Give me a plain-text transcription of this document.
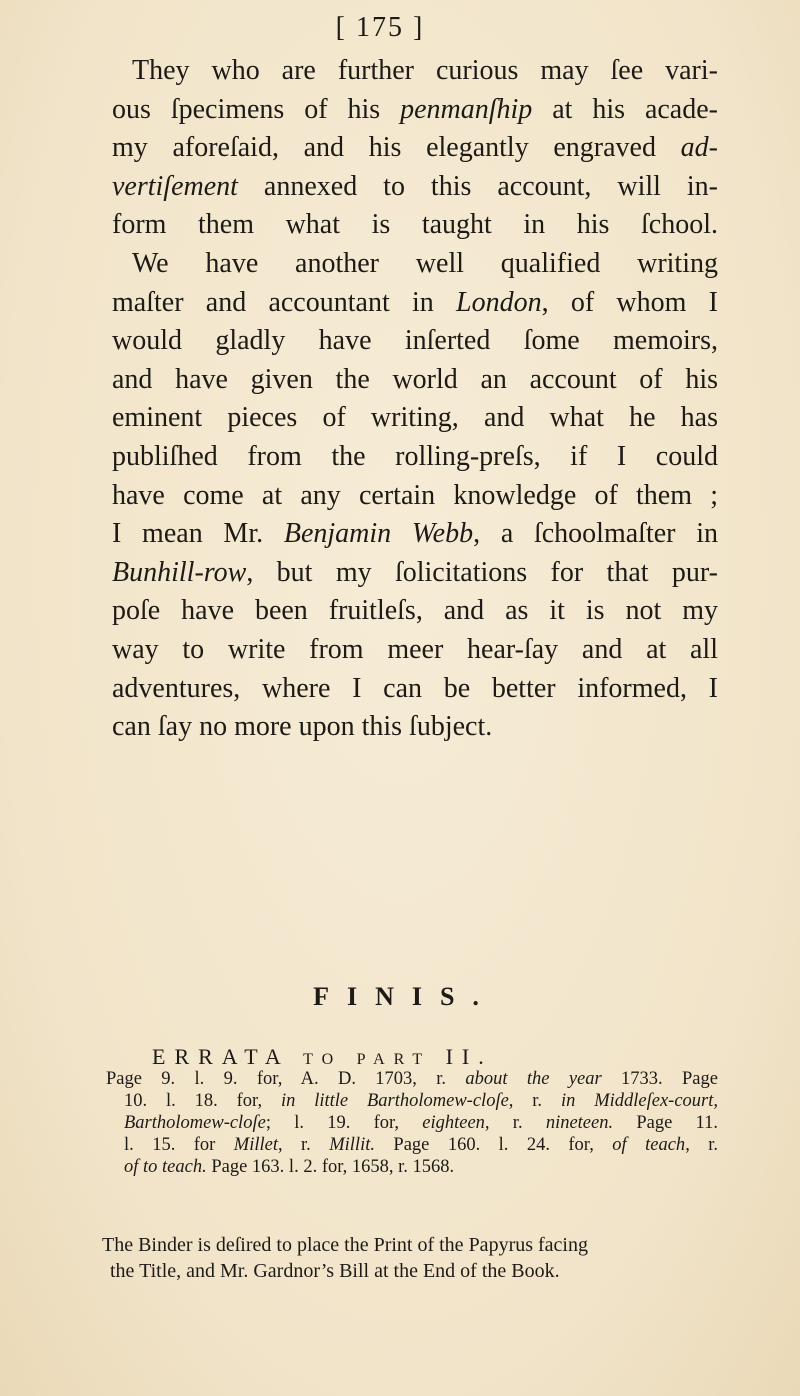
[ 175 ]
They who are further curious may ſee vari-
ous ſpecimens of his penmanſhip at his acade-
my aforeſaid, and his elegantly engraved ad-
vertiſement annexed to this account, will in-
form them what is taught in his ſchool.
We have another well qualified writing
maſter and accountant in London, of whom I
would gladly have inſerted ſome memoirs,
and have given the world an account of his
eminent pieces of writing, and what he has
publiſhed from the rolling-preſs, if I could
have come at any certain knowledge of them ;
I mean Mr. Benjamin Webb, a ſchoolmaſter in
Bunhill-row, but my ſolicitations for that pur-
poſe have been fruitleſs, and as it is not my
way to write from meer hear-ſay and at all
adventures, where I can be better informed, I
can ſay no more upon this ſubject.
FINIS.
ERRATA TO PART II.
Page 9. l. 9. for, A. D. 1703, r. about the year 1733. Page
10. l. 18. for, in little Bartholomew-cloſe, r. in Middleſex-court,
Bartholomew-cloſe; l. 19. for, eighteen, r. nineteen. Page 11.
l. 15. for Millet, r. Millit. Page 160. l. 24. for, of teach, r.
of to teach. Page 163. l. 2. for, 1658, r. 1568.
The Binder is deſired to place the Print of the Papyrus facing
the Title, and Mr. Gardnor’s Bill at the End of the Book.
